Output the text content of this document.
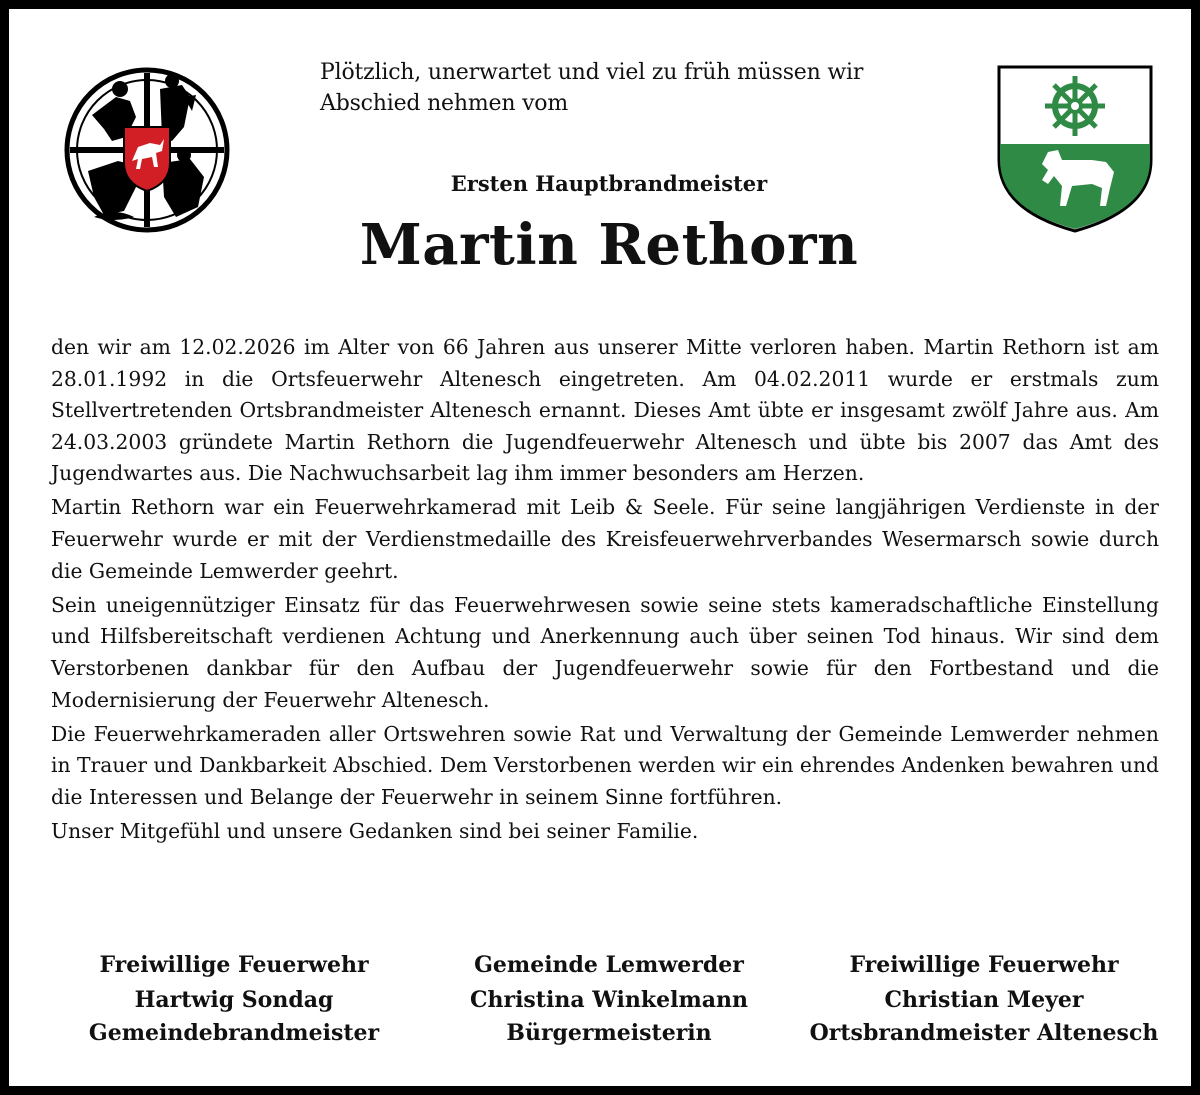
Plötzlich, unerwartet und viel zu früh müssen wir
Abschied nehmen vom
Ersten Hauptbrandmeister
Martin Rethorn

den wir am 12.02.2026 im Alter von 66 Jahren aus unserer Mitte verloren haben. Martin Rethorn ist am 28.01.1992 in die Ortsfeuerwehr Altenesch eingetreten. Am 04.02.2011 wurde er erstmals zum Stellvertretenden Ortsbrandmeister Altenesch ernannt. Dieses Amt übte er insgesamt zwölf Jahre aus. Am 24.03.2003 gründete Martin Rethorn die Jugendfeuerwehr Altenesch und übte bis 2007 das Amt des Jugendwartes aus. Die Nachwuchsarbeit lag ihm immer besonders am Herzen.

Martin Rethorn war ein Feuerwehrkamerad mit Leib & Seele. Für seine langjährigen Verdienste in der Feuerwehr wurde er mit der Verdienstmedaille des Kreisfeuerwehrverbandes Wesermarsch sowie durch die Gemeinde Lemwerder geehrt.

Sein uneigennütziger Einsatz für das Feuerwehrwesen sowie seine stets kameradschaftliche Einstellung und Hilfsbereitschaft verdienen Achtung und Anerkennung auch über seinen Tod hinaus. Wir sind dem Verstorbenen dankbar für den Aufbau der Jugendfeuerwehr sowie für den Fortbestand und die Modernisierung der Feuerwehr Altenesch.

Die Feuerwehrkameraden aller Ortswehren sowie Rat und Verwaltung der Gemeinde Lemwerder nehmen in Trauer und Dankbarkeit Abschied. Dem Verstorbenen werden wir ein ehrendes Andenken bewahren und die Interessen und Belange der Feuerwehr in seinem Sinne fortführen.

Unser Mitgefühl und unsere Gedanken sind bei seiner Familie.

Freiwillige Feuerwehr
Hartwig Sondag
Gemeindebrandmeister
Gemeinde Lemwerder
Christina Winkelmann
Bürgermeisterin
Freiwillige Feuerwehr
Christian Meyer
Ortsbrandmeister Altenesch
